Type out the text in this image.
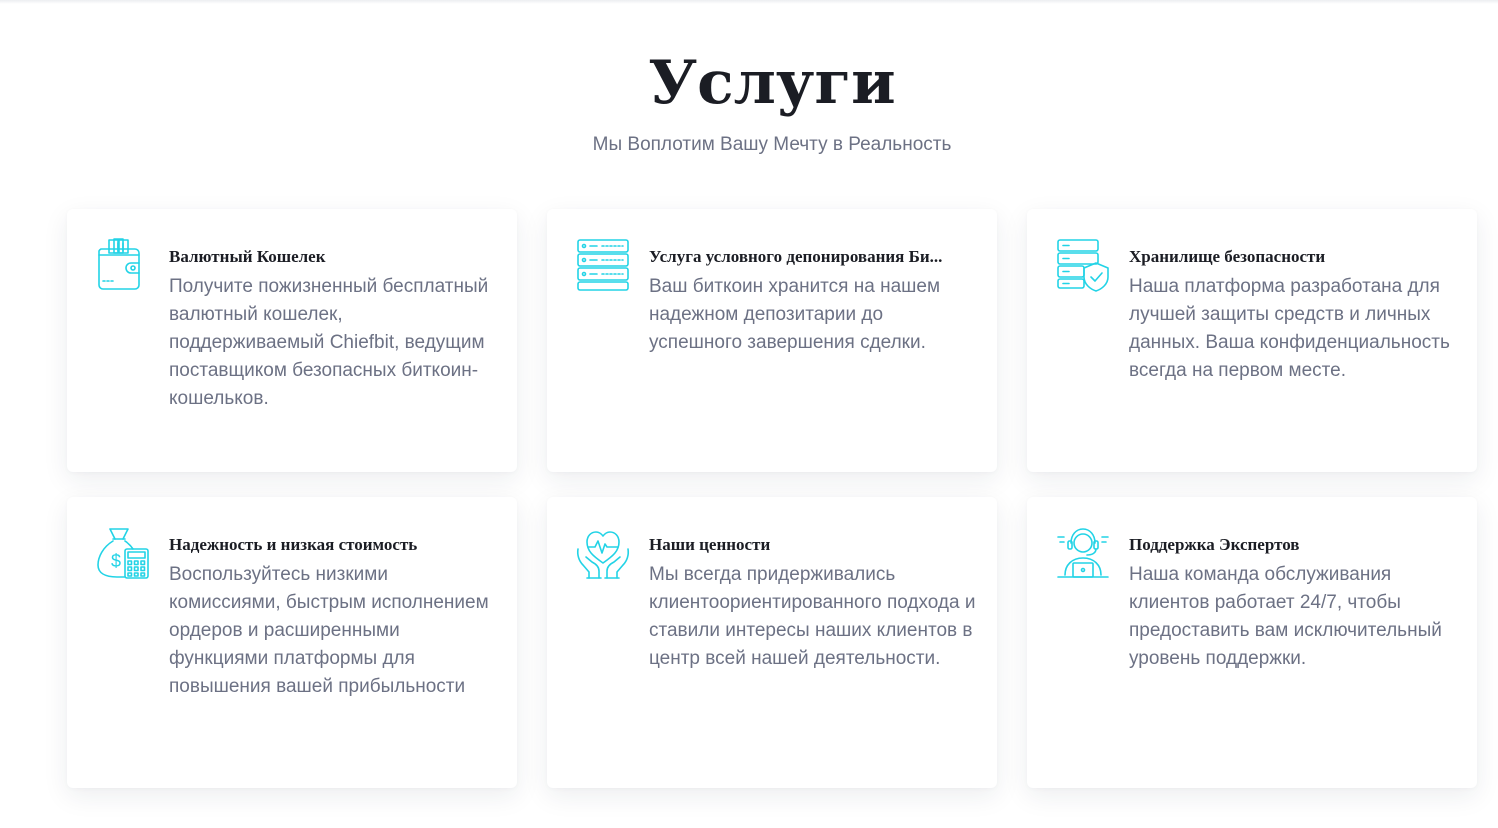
Услуги

Мы Воплотим Вашу Мечту в Реальность

Валютный Кошелек

Получите пожизненный бесплатный валютный кошелек, поддерживаемый Chiefbit, ведущим поставщиком безопасных биткоин-кошельков.

Услуга условного депонирования Би...

Ваш биткоин хранится на нашем надежном депозитарии до успешного завершения сделки.

Хранилище безопасности

Наша платформа разработана для лучшей защиты средств и личных данных. Ваша конфиденциальность всегда на первом месте.

$
Надежность и низкая стоимость

Воспользуйтесь низкими комиссиями, быстрым исполнением ордеров и расширенными функциями платформы для повышения вашей прибыльности

Наши ценности

Мы всегда придерживались клиентоориентированного подхода и ставили интересы наших клиентов в центр всей нашей деятельности.

Поддержка Экспертов

Наша команда обслуживания клиентов работает 24/7, чтобы предоставить вам исключительный уровень поддержки.
